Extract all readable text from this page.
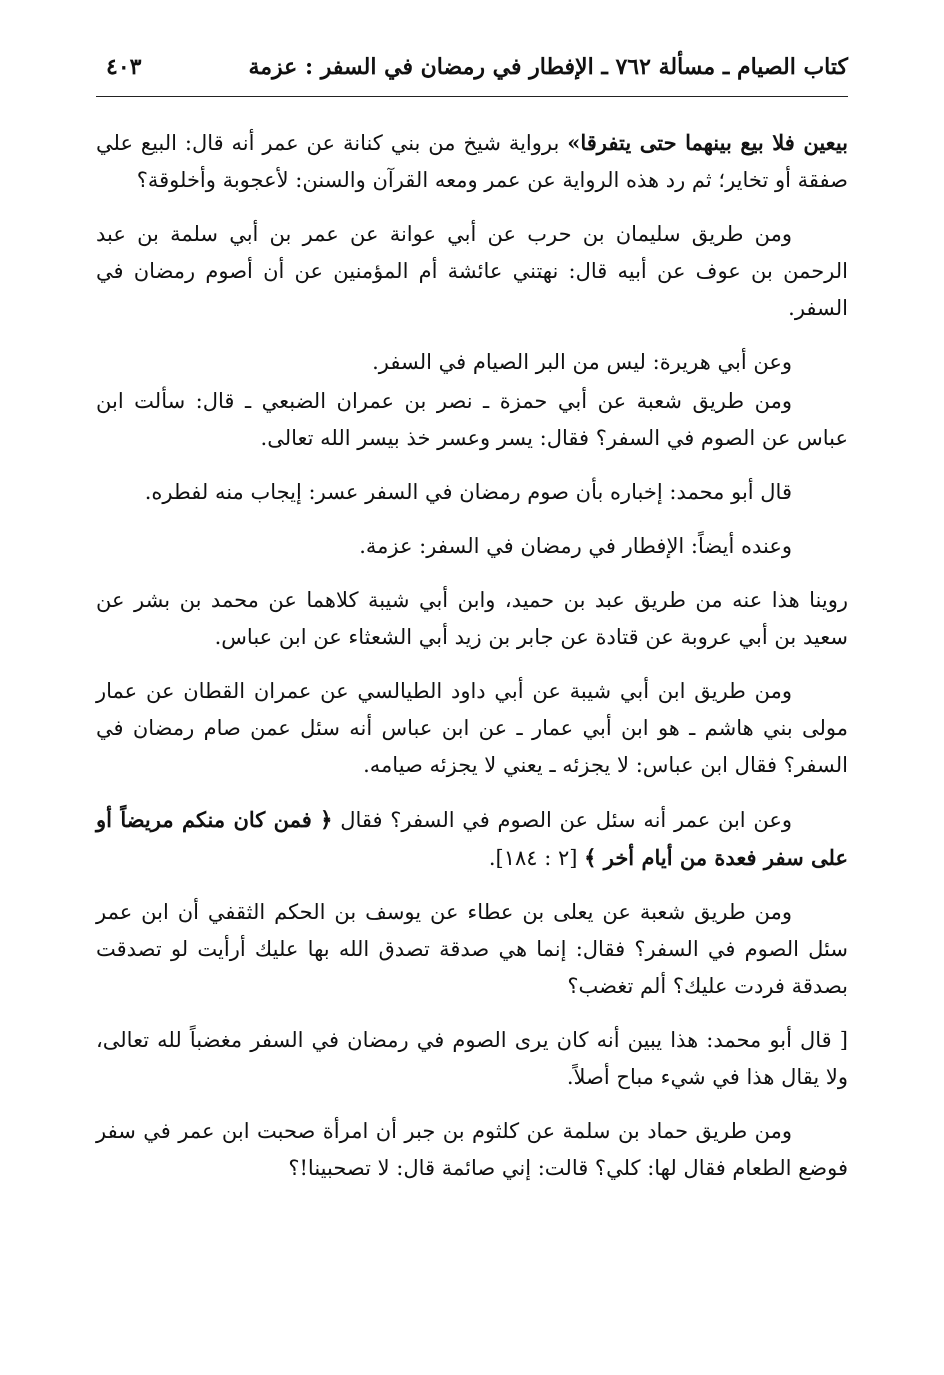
كتاب الصيام ـ مسألة ٧٦٢ ـ الإفطار في رمضان في السفر : عزمة
٤٠٣

بيعين فلا بيع بينهما حتى يتفرقا» برواية شيخ من بني كنانة عن عمر أنه قال: البيع علي صفقة أو تخاير؛ ثم رد هذه الرواية عن عمر ومعه القرآن والسنن: لأعجوبة وأخلوقة؟

ومن طريق سليمان بن حرب عن أبي عوانة عن عمر بن أبي سلمة بن عبد الرحمن بن عوف عن أبيه قال: نهتني عائشة أم المؤمنين عن أن أصوم رمضان في السفر.

وعن أبي هريرة: ليس من البر الصيام في السفر.

ومن طريق شعبة عن أبي حمزة ـ نصر بن عمران الضبعي ـ قال: سألت ابن عباس عن الصوم في السفر؟ فقال: يسر وعسر خذ بيسر الله تعالى.

قال أبو محمد: إخباره بأن صوم رمضان في السفر عسر: إيجاب منه لفطره.

وعنده أيضاً: الإفطار في رمضان في السفر: عزمة.

روينا هذا عنه من طريق عبد بن حميد، وابن أبي شيبة كلاهما عن محمد بن بشر عن سعيد بن أبي عروبة عن قتادة عن جابر بن زيد أبي الشعثاء عن ابن عباس.

ومن طريق ابن أبي شيبة عن أبي داود الطيالسي عن عمران القطان عن عمار مولى بني هاشم ـ هو ابن أبي عمار ـ عن ابن عباس أنه سئل عمن صام رمضان في السفر؟ فقال ابن عباس: لا يجزئه ـ يعني لا يجزئه صيامه.

وعن ابن عمر أنه سئل عن الصوم في السفر؟ فقال ﴿ فمن كان منكم مريضاً أو على سفر فعدة من أيام أخر ﴾ [٢ : ١٨٤].

ومن طريق شعبة عن يعلى بن عطاء عن يوسف بن الحكم الثقفي أن ابن عمر سئل الصوم في السفر؟ فقال: إنما هي صدقة تصدق الله بها عليك أرأيت لو تصدقت بصدقة فردت عليك؟ ألم تغضب؟

[ قال أبو محمد: هذا يبين أنه كان يرى الصوم في رمضان في السفر مغضباً لله تعالى، ولا يقال هذا في شيء مباح أصلاً.

ومن طريق حماد بن سلمة عن كلثوم بن جبر أن امرأة صحبت ابن عمر في سفر فوضع الطعام فقال لها: كلي؟ قالت: إني صائمة قال: لا تصحبينا!؟
